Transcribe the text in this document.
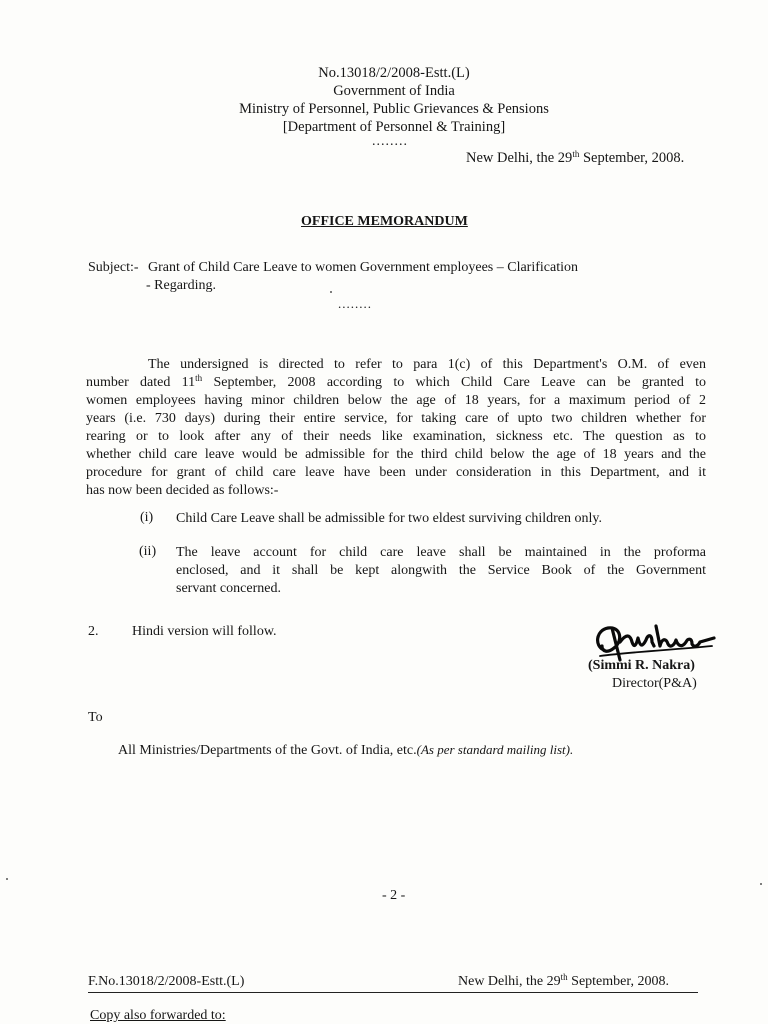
No.13018/2/2008-Estt.(L)

Government of India

Ministry of Personnel, Public Grievances & Pensions

[Department of Personnel & Training]

........

New Delhi, the 29th September, 2008.

OFFICE MEMORANDUM

Subject:- Grant of Child Care Leave to women Government employees – Clarification

- Regarding.

........

The undersigned is directed to refer to para 1(c) of this Department's O.M. of even
number dated 11th September, 2008 according to which Child Care Leave can be granted to
women employees having minor children below the age of 18 years, for a maximum period of 2
years (i.e. 730 days) during their entire service, for taking care of upto two children whether for
rearing or to look after any of their needs like examination, sickness etc. The question as to
whether child care leave would be admissible for the third child below the age of 18 years and the
procedure for grant of child care leave have been under consideration in this Department, and it
has now been decided as follows:-

(i) Child Care Leave shall be admissible for two eldest surviving children only.

(ii) The leave account for child care leave shall be maintained in the proforma
enclosed, and it shall be kept alongwith the Service Book of the Government
servant concerned.

2. Hindi version will follow.

(Simmi R. Nakra)

Director(P&A)

To

All Ministries/Departments of the Govt. of India, etc.(As per standard mailing list).

- 2 -

F.No.13018/2/2008-Estt.(L)	New Delhi, the 29th September, 2008.

Copy also forwarded to:
